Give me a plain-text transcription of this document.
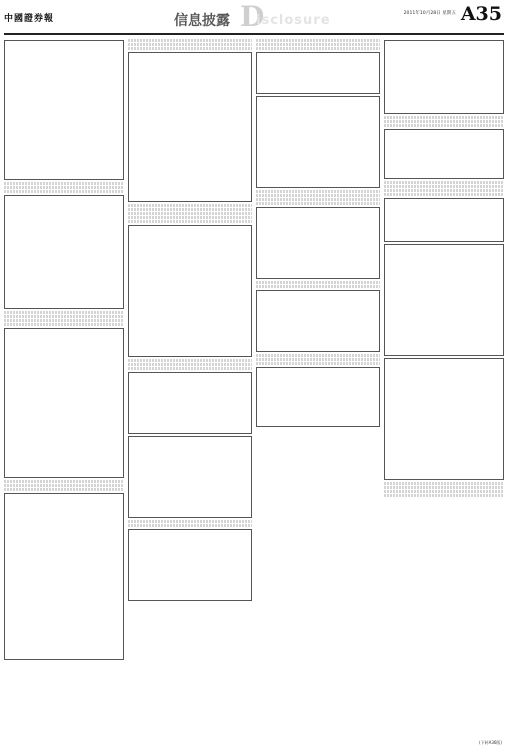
中國證券報	D
信息披露 isclosure	2011年10月28日 星期五 A35
(下转A36版)
